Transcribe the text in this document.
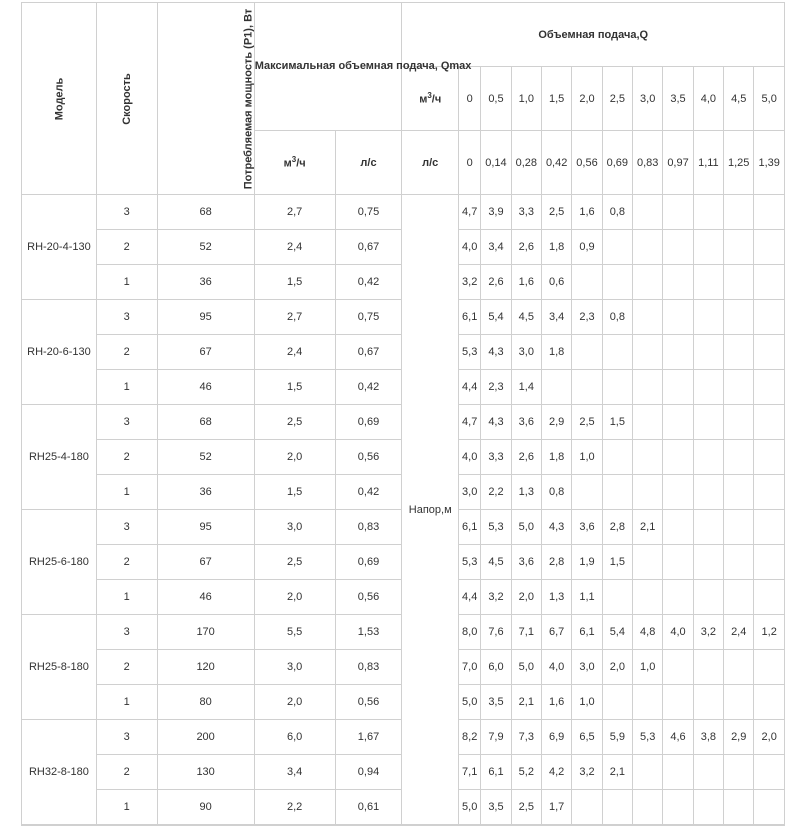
Модель	Скорость	Потребляемая мощность (Р1), Вт	Максимальная объемная подача, Qmax		Объемная подача,Q											
					$м^3/ч$	0	0,5	1,0	1,5	2,0	2,5	3,0	3,5	4,0	4,5	5,0
			$м^3/ч$	л/с	л/с	0	0,14	0,28	0,42	0,56	0,69	0,83	0,97	1,11	1,25	1,39
RH-20-4-130	3	68	2,7	0,75	Напор,м	4,7	3,9	3,3	2,5	1,6	0,8					
	2	52	2,4	0,67		4,0	3,4	2,6	1,8	0,9						
	1	36	1,5	0,42		3,2	2,6	1,6	0,6							
RH-20-6-130	3	95	2,7	0,75		6,1	5,4	4,5	3,4	2,3	0,8					
	2	67	2,4	0,67		5,3	4,3	3,0	1,8							
	1	46	1,5	0,42		4,4	2,3	1,4								
RH25-4-180	3	68	2,5	0,69		4,7	4,3	3,6	2,9	2,5	1,5					
	2	52	2,0	0,56		4,0	3,3	2,6	1,8	1,0						
	1	36	1,5	0,42		3,0	2,2	1,3	0,8							
RH25-6-180	3	95	3,0	0,83		6,1	5,3	5,0	4,3	3,6	2,8	2,1				
	2	67	2,5	0,69		5,3	4,5	3,6	2,8	1,9	1,5					
	1	46	2,0	0,56		4,4	3,2	2,0	1,3	1,1						
RH25-8-180	3	170	5,5	1,53		8,0	7,6	7,1	6,7	6,1	5,4	4,8	4,0	3,2	2,4	1,2
	2	120	3,0	0,83		7,0	6,0	5,0	4,0	3,0	2,0	1,0				
	1	80	2,0	0,56		5,0	3,5	2,1	1,6	1,0						
RH32-8-180	3	200	6,0	1,67		8,2	7,9	7,3	6,9	6,5	5,9	5,3	4,6	3,8	2,9	2,0
	2	130	3,4	0,94		7,1	6,1	5,2	4,2	3,2	2,1					
	1	90	2,2	0,61		5,0	3,5	2,5	1,7							
